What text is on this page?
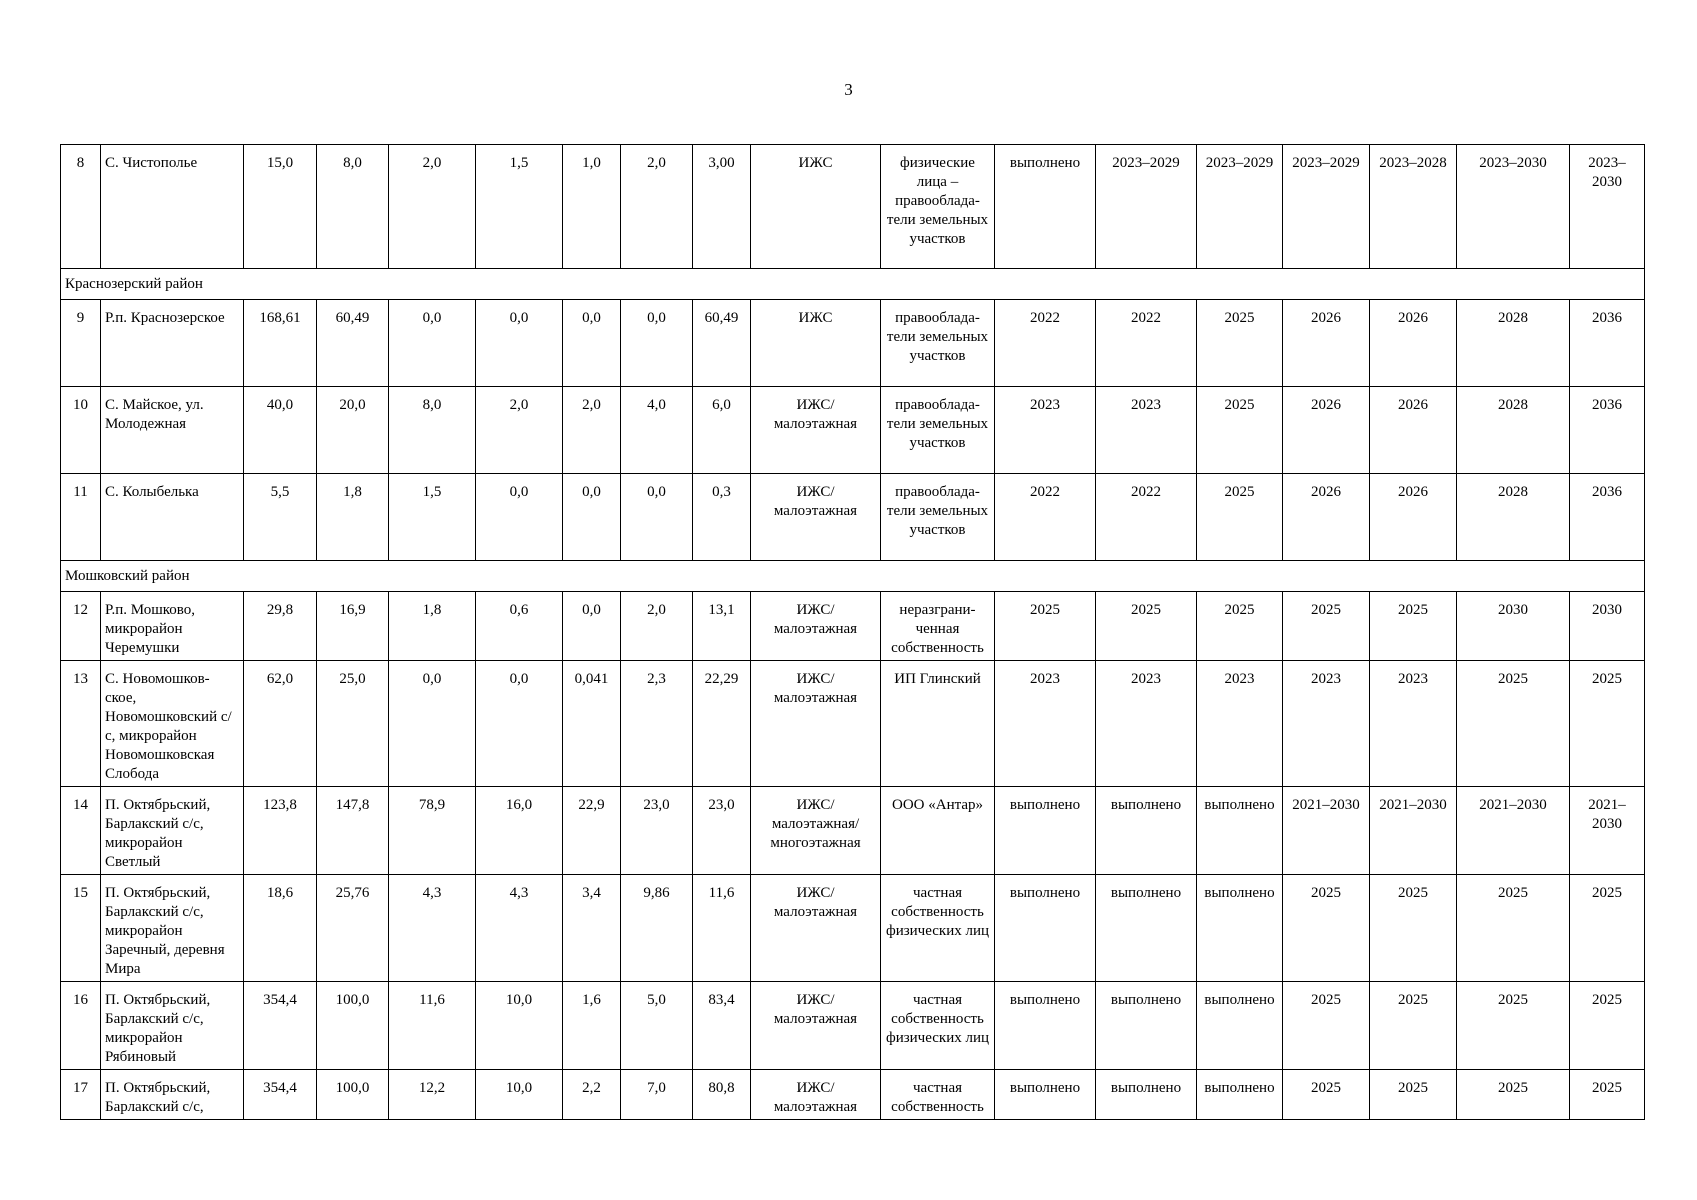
3
8	С. Чистополье	15,0	8,0	2,0	1,5	1,0	2,0	3,00	ИЖС	физические лица – правооблада-тели земельных участков	выполнено	2023–2029	2023–2029	2023–2029	2023–2028	2023–2030	2023–2030
Краснозерский район																	
9	Р.п. Краснозерское	168,61	60,49	0,0	0,0	0,0	0,0	60,49	ИЖС	правооблада-тели земельных участков	2022	2022	2025	2026	2026	2028	2036
10	С. Майское, ул. Молодежная	40,0	20,0	8,0	2,0	2,0	4,0	6,0	ИЖС/ малоэтажная	правооблада-тели земельных участков	2023	2023	2025	2026	2026	2028	2036
11	С. Колыбелька	5,5	1,8	1,5	0,0	0,0	0,0	0,3	ИЖС/ малоэтажная	правооблада-тели земельных участков	2022	2022	2025	2026	2026	2028	2036
Мошковский район																	
12	Р.п. Мошково, микрорайон Черемушки	29,8	16,9	1,8	0,6	0,0	2,0	13,1	ИЖС/ малоэтажная	неразграни-ченная собственность	2025	2025	2025	2025	2025	2030	2030
13	С. Новомошков-ское, Новомошковский с/с, микрорайон Новомошковская Слобода	62,0	25,0	0,0	0,0	0,041	2,3	22,29	ИЖС/ малоэтажная	ИП Глинский	2023	2023	2023	2023	2023	2025	2025
14	П. Октябрьский, Барлакский с/с, микрорайон Светлый	123,8	147,8	78,9	16,0	22,9	23,0	23,0	ИЖС/ малоэтажная/ многоэтажная	ООО «Антар»	выполнено	выполнено	выполнено	2021–2030	2021–2030	2021–2030	2021–2030
15	П. Октябрьский, Барлакский с/с, микрорайон Заречный, деревня Мира	18,6	25,76	4,3	4,3	3,4	9,86	11,6	ИЖС/ малоэтажная	частная собственность физических лиц	выполнено	выполнено	выполнено	2025	2025	2025	2025
16	П. Октябрьский, Барлакский с/с, микрорайон Рябиновый	354,4	100,0	11,6	10,0	1,6	5,0	83,4	ИЖС/ малоэтажная	частная собственность физических лиц	выполнено	выполнено	выполнено	2025	2025	2025	2025
17	П. Октябрьский, Барлакский с/с,	354,4	100,0	12,2	10,0	2,2	7,0	80,8	ИЖС/ малоэтажная	частная собственность	выполнено	выполнено	выполнено	2025	2025	2025	2025
